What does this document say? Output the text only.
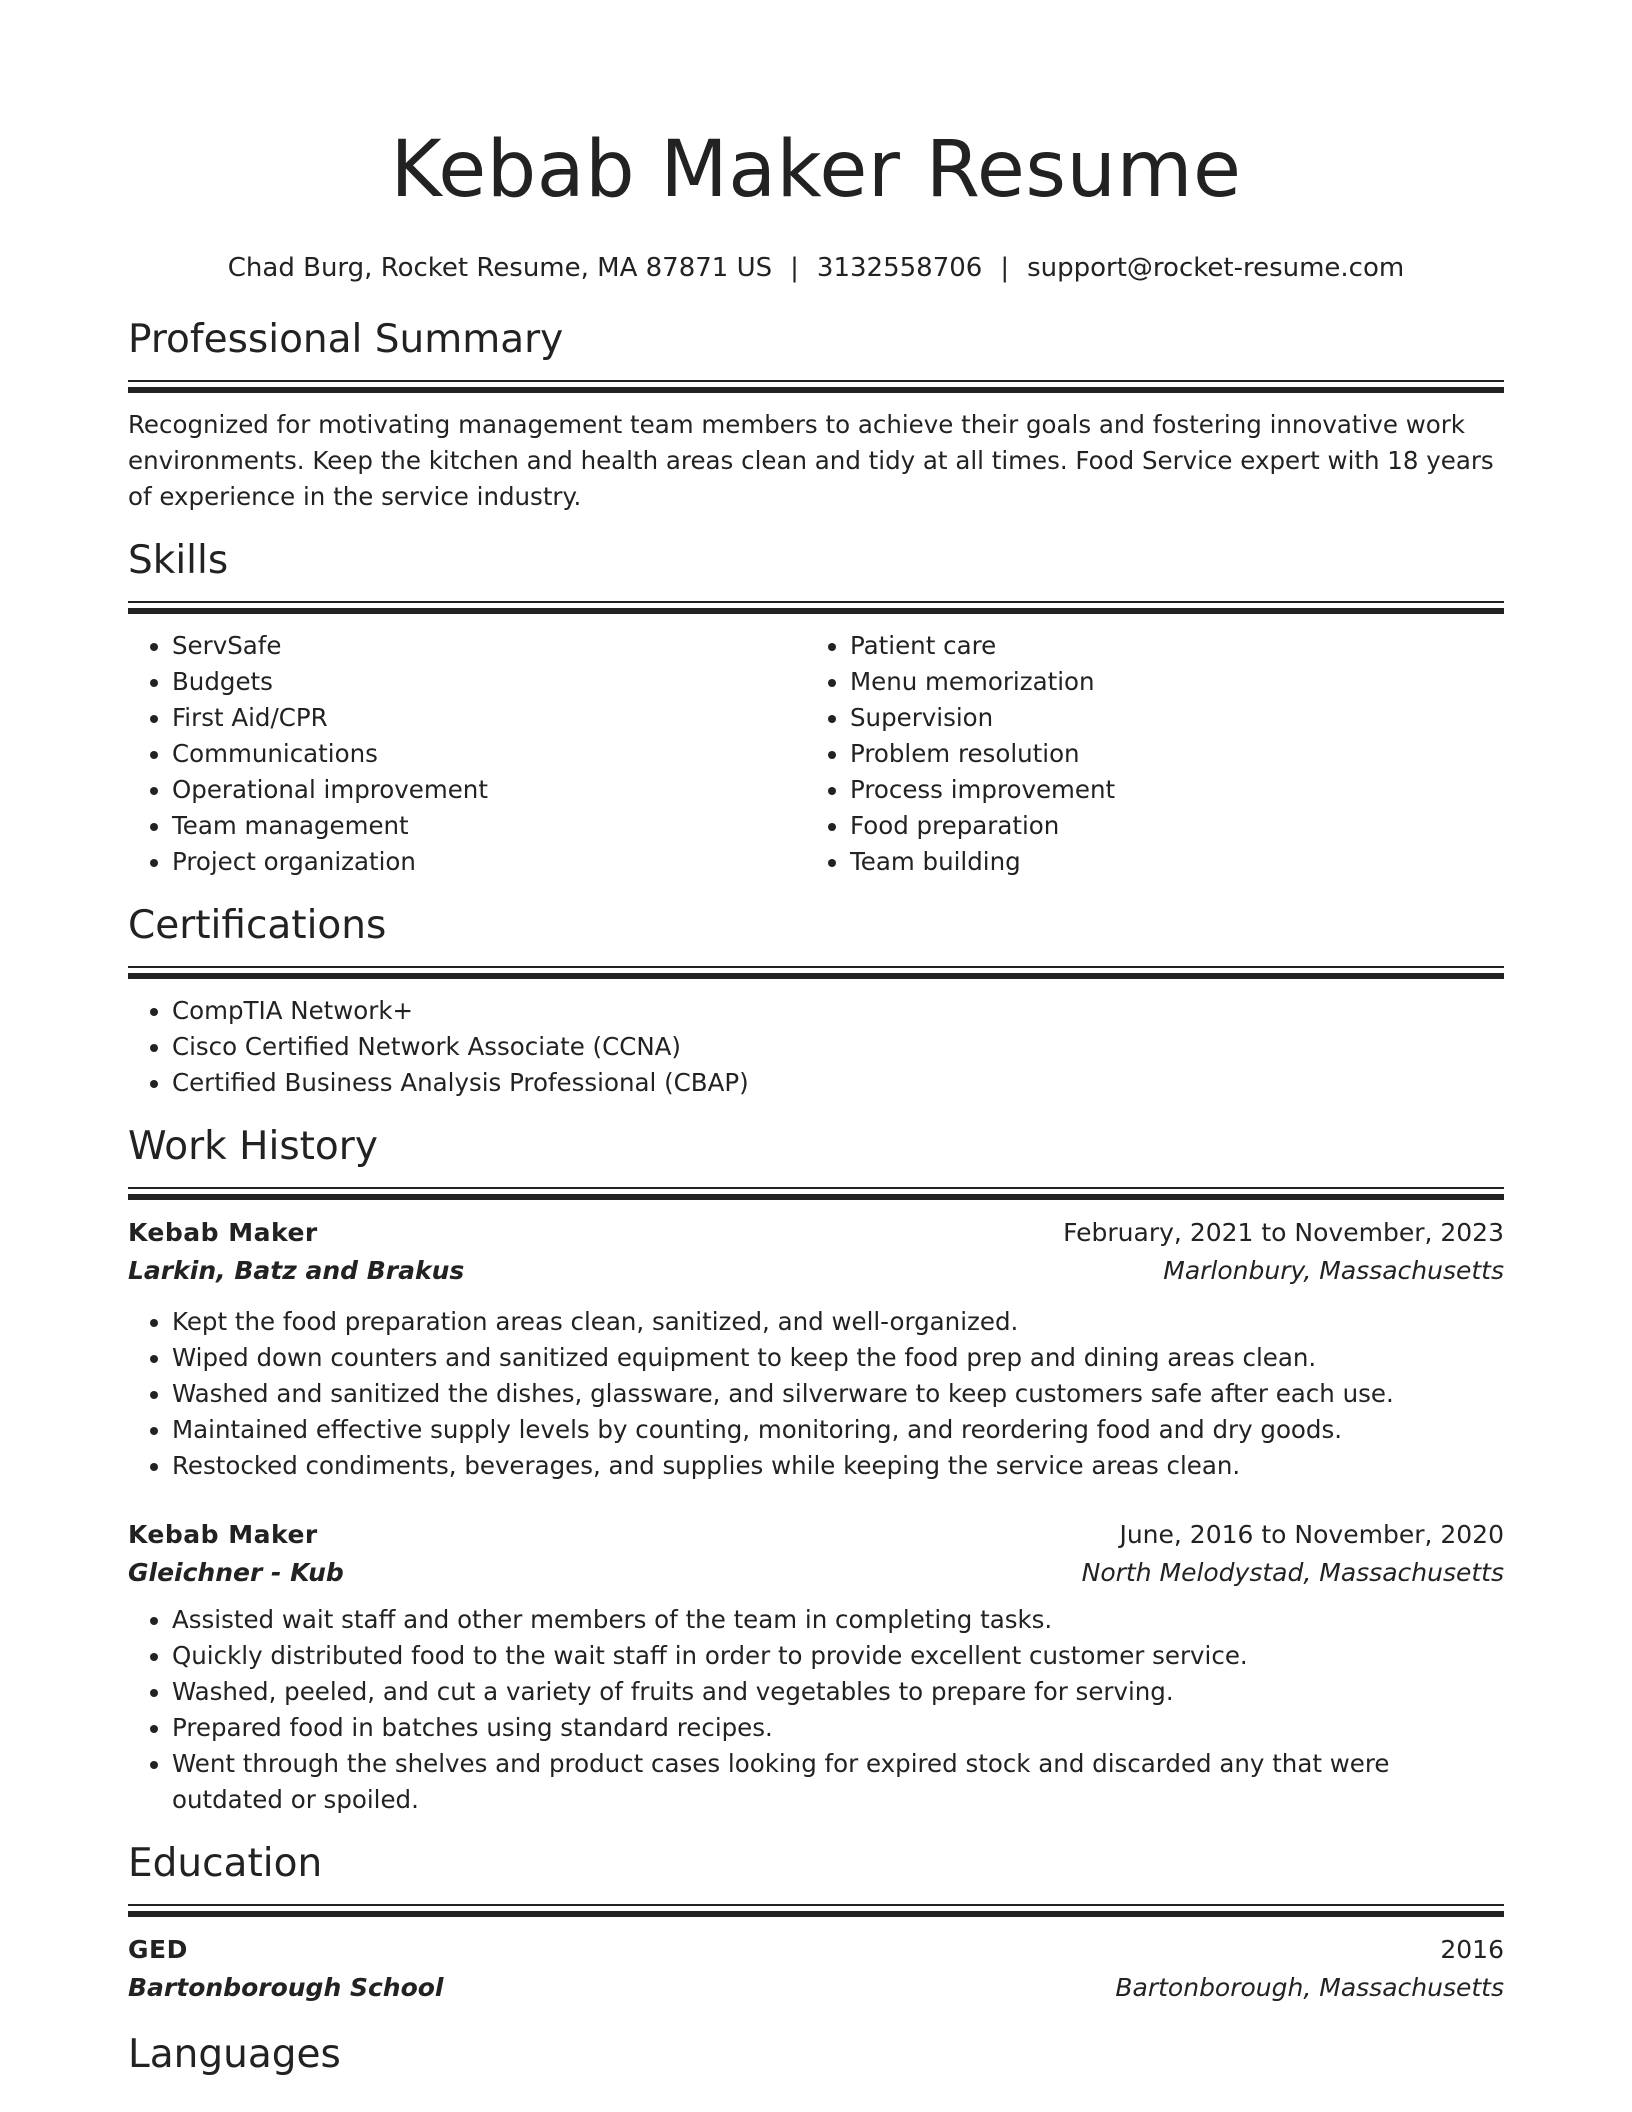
Kebab Maker Resume
Chad Burg, Rocket Resume, MA 87871 US | 3132558706 | support@rocket-resume.com
Professional Summary

Recognized for motivating management team members to achieve their goals and fostering innovative work environments. Keep the kitchen and health areas clean and tidy at all times. Food Service expert with 18 years of experience in the service industry.

Skills
• ServSafe
• Budgets
• First Aid/CPR
• Communications
• Operational improvement
• Team management
• Project organization
• Patient care
• Menu memorization
• Supervision
• Problem resolution
• Process improvement
• Food preparation
• Team building
Certifications
• CompTIA Network+
• Cisco Certified Network Associate (CCNA)
• Certified Business Analysis Professional (CBAP)
Work History
Kebab Maker	February, 2021 to November, 2023
Larkin, Batz and Brakus	Marlonbury, Massachusetts
• Kept the food preparation areas clean, sanitized, and well-organized.
• Wiped down counters and sanitized equipment to keep the food prep and dining areas clean.
• Washed and sanitized the dishes, glassware, and silverware to keep customers safe after each use.
• Maintained effective supply levels by counting, monitoring, and reordering food and dry goods.
• Restocked condiments, beverages, and supplies while keeping the service areas clean.
Kebab Maker	June, 2016 to November, 2020
Gleichner - Kub	North Melodystad, Massachusetts
• Assisted wait staff and other members of the team in completing tasks.
• Quickly distributed food to the wait staff in order to provide excellent customer service.
• Washed, peeled, and cut a variety of fruits and vegetables to prepare for serving.
• Prepared food in batches using standard recipes.
• Went through the shelves and product cases looking for expired stock and discarded any that were outdated or spoiled.
Education
GED	2016
Bartonborough School	Bartonborough, Massachusetts
Languages
